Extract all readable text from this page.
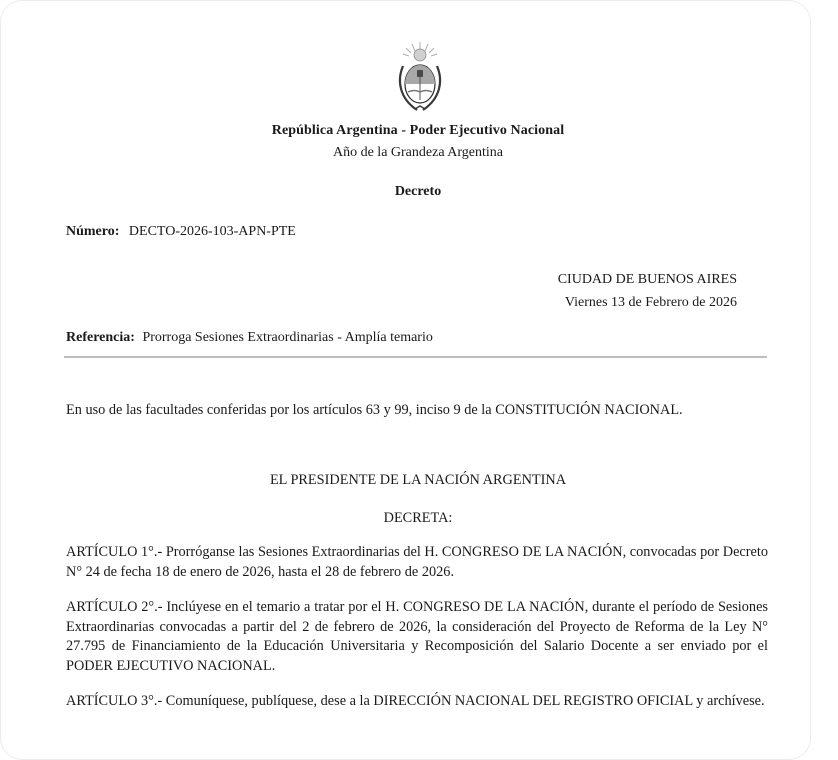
República Argentina - Poder Ejecutivo Nacional
Año de la Grandeza Argentina
Decreto
Número: DECTO-2026-103-APN-PTE
CIUDAD DE BUENOS AIRES
Viernes 13 de Febrero de 2026
Referencia: Prorroga Sesiones Extraordinarias - Amplía temario
En uso de las facultades conferidas por los artículos 63 y 99, inciso 9 de la CONSTITUCIÓN NACIONAL.
EL PRESIDENTE DE LA NACIÓN ARGENTINA
DECRETA:
ARTÍCULO 1°.- Prorróganse las Sesiones Extraordinarias del H. CONGRESO DE LA NACIÓN, convocadas por Decreto N° 24 de fecha 18 de enero de 2026, hasta el 28 de febrero de 2026.
ARTÍCULO 2°.- Inclúyese en el temario a tratar por el H. CONGRESO DE LA NACIÓN, durante el período de Sesiones Extraordinarias convocadas a partir del 2 de febrero de 2026, la consideración del Proyecto de Reforma de la Ley N° 27.795 de Financiamiento de la Educación Universitaria y Recomposición del Salario Docente a ser enviado por el PODER EJECUTIVO NACIONAL.
ARTÍCULO 3°.- Comuníquese, publíquese, dese a la DIRECCIÓN NACIONAL DEL REGISTRO OFICIAL y archívese.
